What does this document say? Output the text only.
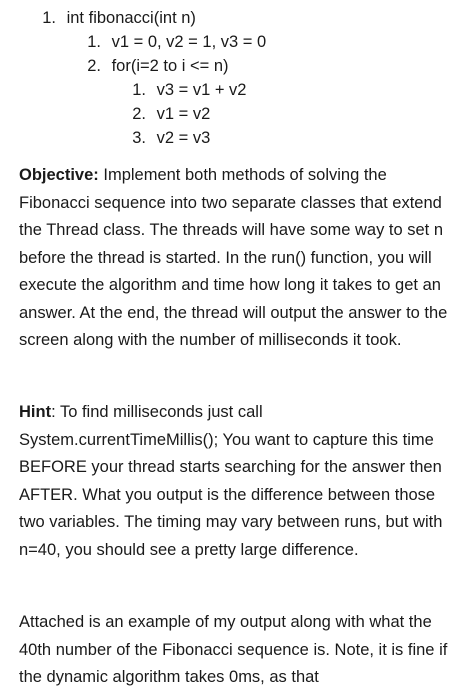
1. int fibonacci(int n)
1. v1 = 0, v2 = 1, v3 = 0
2. for(i=2 to i <= n)
1. v3 = v1 + v2
2. v1 = v2
3. v2 = v3

Objective: Implement both methods of solving the Fibonacci sequence into two separate classes that extend the Thread class. The threads will have some way to set n before the thread is started. In the run() function, you will execute the algorithm and time how long it takes to get an answer. At the end, the thread will output the answer to the screen along with the number of milliseconds it took.

Hint: To find milliseconds just call System.currentTimeMillis(); You want to capture this time BEFORE your thread starts searching for the answer then AFTER. What you output is the difference between those two variables. The timing may vary between runs, but with n=40, you should see a pretty large difference.

Attached is an example of my output along with what the 40th number of the Fibonacci sequence is. Note, it is fine if the dynamic algorithm takes 0ms, as that
